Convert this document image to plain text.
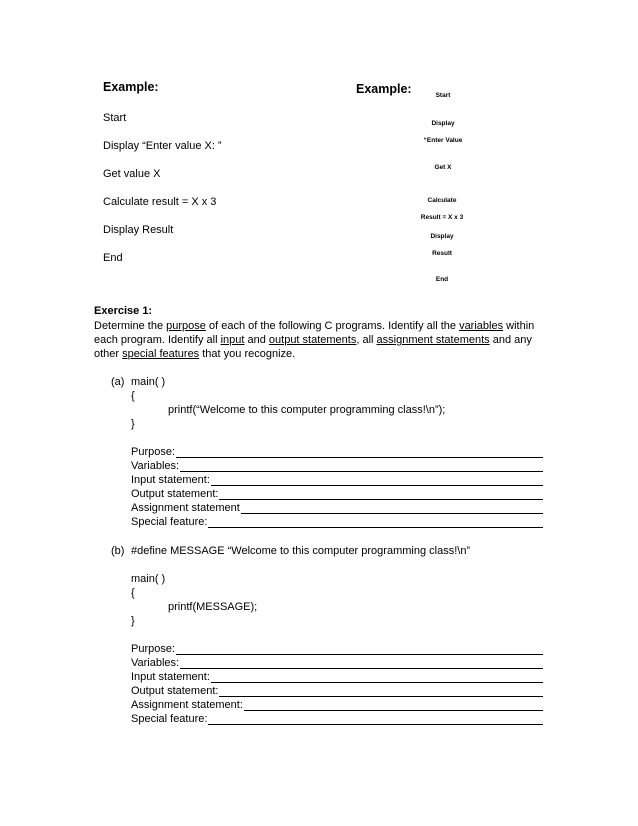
Example:
Start
Display “Enter value X: ”
Get value X
Calculate result = X x 3
Display Result
End
Example:	Start
Display
“Enter Value
Get X
Calculate
Result = X x 3
Display
Result
End
Exercise 1:
Determine the purpose of each of the following C programs. Identify all the variables within
each program. Identify all input and output statements, all assignment statements and any
other special features that you recognize.
(a) main( )
{
printf(“Welcome to this computer programming class!\n”);
}
Purpose:
Variables:
Input statement:
Output statement:
Assignment statement
Special feature:
(b) #define MESSAGE “Welcome to this computer programming class!\n”
main( )
{
printf(MESSAGE);
}
Purpose:
Variables:
Input statement:
Output statement:
Assignment statement:
Special feature:
